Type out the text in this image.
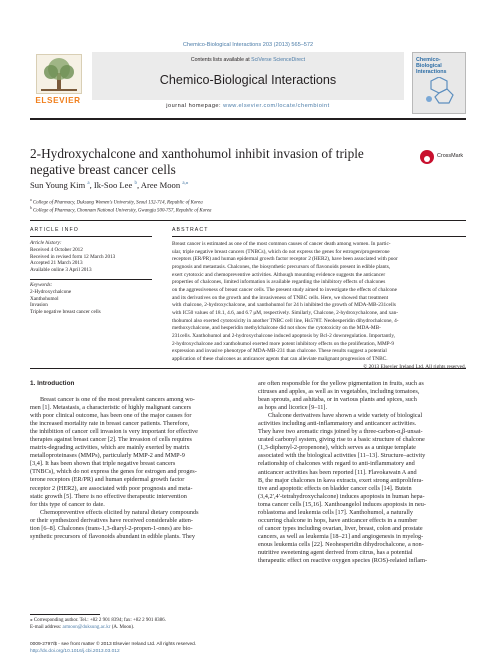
Chemico-Biological Interactions 203 (2013) 565–572
ELSEVIER
Contents lists available at SciVerse ScienceDirect
Chemico-Biological Interactions
journal homepage: www.elsevier.com/locate/chembioint
Chemico-Biological Interactions
2-Hydroxychalcone and xanthohumol inhibit invasion of triple negative breast cancer cells
CrossMark
Sun Young Kim $^a$, Ik-Soo Lee $^b$, Aree Moon $^{a,⁎}$
$^a$ College of Pharmacy, Duksung Women's University, Seoul 132-714, Republic of Korea
$^b$ College of Pharmacy, Chonnam National University, Gwangju 500-757, Republic of Korea
ARTICLE INFO
Article history:
Received 4 October 2012
Received in revised form 12 March 2013
Accepted 21 March 2013
Available online 3 April 2013
Keywords:
2-Hydroxychalcone
Xanthohumol
Invasion
Triple negative breast cancer cells
ABSTRACT
Breast cancer is estimated as one of the most common causes of cancer death among women. In partic-
ular, triple negative breast cancers (TNBCs), which do not express the genes for estrogen/progesterone
receptors (ER/PR) and human epidermal growth factor receptor 2 (HER2), have been associated with poor
prognosis and metastasis. Chalcones, the biosynthetic precursors of flavonoids present in edible plants,
exert cytotoxic and chemopreventive activities. Although mounting evidence suggests the anticancer
properties of chalcones, limited information is available regarding the inhibitory effects of chalcones
on the aggressiveness of breast cancer cells. The present study aimed to investigate the effects of chalcone
and its derivatives on the growth and the invasiveness of TNBC cells. Here, we showed that treatment
with chalcone, 2-hydroxychalcone, and xanthohumol for 24 h inhibited the growth of MDA-MB-231cells
with IC50 values of 18.1, 4.6, and 6.7 μM, respectively. Similarly, Chalcone, 2-hydroxychalcone, and xan-
thohumol also exerted cytotoxicity in another TNBC cell line, Hs578T. Neohesperidin dihydrochalcone, 4-
methoxychalcone, and hesperidin methylchalcone did not show the cytotoxicity on the MDA-MB-
231cells. Xanthohumol and 2-hydroxychalcone induced apoptosis by Bcl-2 downregulation. Importantly,
2-hydroxychalcone and xanthohumol exerted more potent inhibitory effects on the proliferation, MMP-9
expression and invasive phenotype of MDA-MB-231 than chalcone. These results suggest a potential
application of these chalcones as anticancer agents that can alleviate malignant progression of TNBC.
© 2013 Elsevier Ireland Ltd. All rights reserved.
1. Introduction

Breast cancer is one of the most prevalent cancers among wo-

men [1]. Metastasis, a characteristic of highly malignant cancers

with poor clinical outcome, has been one of the major causes for

the increased mortality rate in breast cancer patients. Therefore,

the inhibition of cancer cell invasion is very important for effective

therapies against breast cancer [2]. The invasion of cells requires

matrix-degrading activities, which are mainly exerted by matrix

metalloproteinases (MMPs), particularly MMP-2 and MMP-9

[3,4]. It has been shown that triple negative breast cancers

(TNBCs), which do not express the genes for estrogen and proges-

terone receptors (ER/PR) and human epidermal growth factor

receptor 2 (HER2), are associated with poor prognosis and meta-

static growth [5]. There is no effective therapeutic intervention

for this type of cancer to date.

Chemopreventive effects elicited by natural dietary compounds

or their synthesized derivatives have received considerable atten-

tion [6–8]. Chalcones (trans-1,3-diaryl-2-propen-1-ones) are bio-

synthetic precursors of flavonoids abundant in edible plants. They

are often responsible for the yellow pigmentation in fruits, such as

citruses and apples, as well as in vegetables, including tomatoes,

bean sprouts, and ashitaba, or in various plants and spices, such

as hops and licorice [9–11].

Chalcone derivatives have shown a wide variety of biological

activities including anti-inflammatory and anticancer activities.

They have two aromatic rings joined by a three-carbon-α,β-unsat-

urated carbonyl system, giving rise to a basic structure of chalcone

(1,3-diphenyl-2-propenone), which serves as a unique template

associated with the biological activities [11–13]. Structure–activity

relationship of chalcones with regard to anti-inflammatory and

anticancer activities has been reported [11]. Flavokawain A and

B, the major chalcones in kava extracts, exert strong antiprolifera-

tive and apoptotic effects on bladder cancer cells [14]. Butein

(3,4,2′,4′-tetrahydroxychalcone) induces apoptosis in human hepa-

toma cancer cells [15,16]. Xanthoangelol induces apoptosis in neu-

roblastoma and leukemia cells [17]. Xanthohumol, a naturally

occurring chalcone in hops, have anticancer effects in a number

of cancer types including ovarian, liver, breast, colon and prostate

cancers, as well as leukemia [18–21] and angiogenesis in myelog-

enous leukemia cells [22]. Neohesperidin dihydrochalcone, a non-

nutritive sweetening agent derived from citrus, has a potential

therapeutic effect on reactive oxygen species (ROS)-related inflam-

⁎ Corresponding author. Tel.: +82 2 901 8394; fax: +82 2 901 8386.
E-mail address: armoon@duksung.ac.kr (A. Moon).
0009-2797/$ - see front matter © 2013 Elsevier Ireland Ltd. All rights reserved.
http://dx.doi.org/10.1016/j.cbi.2013.03.012
